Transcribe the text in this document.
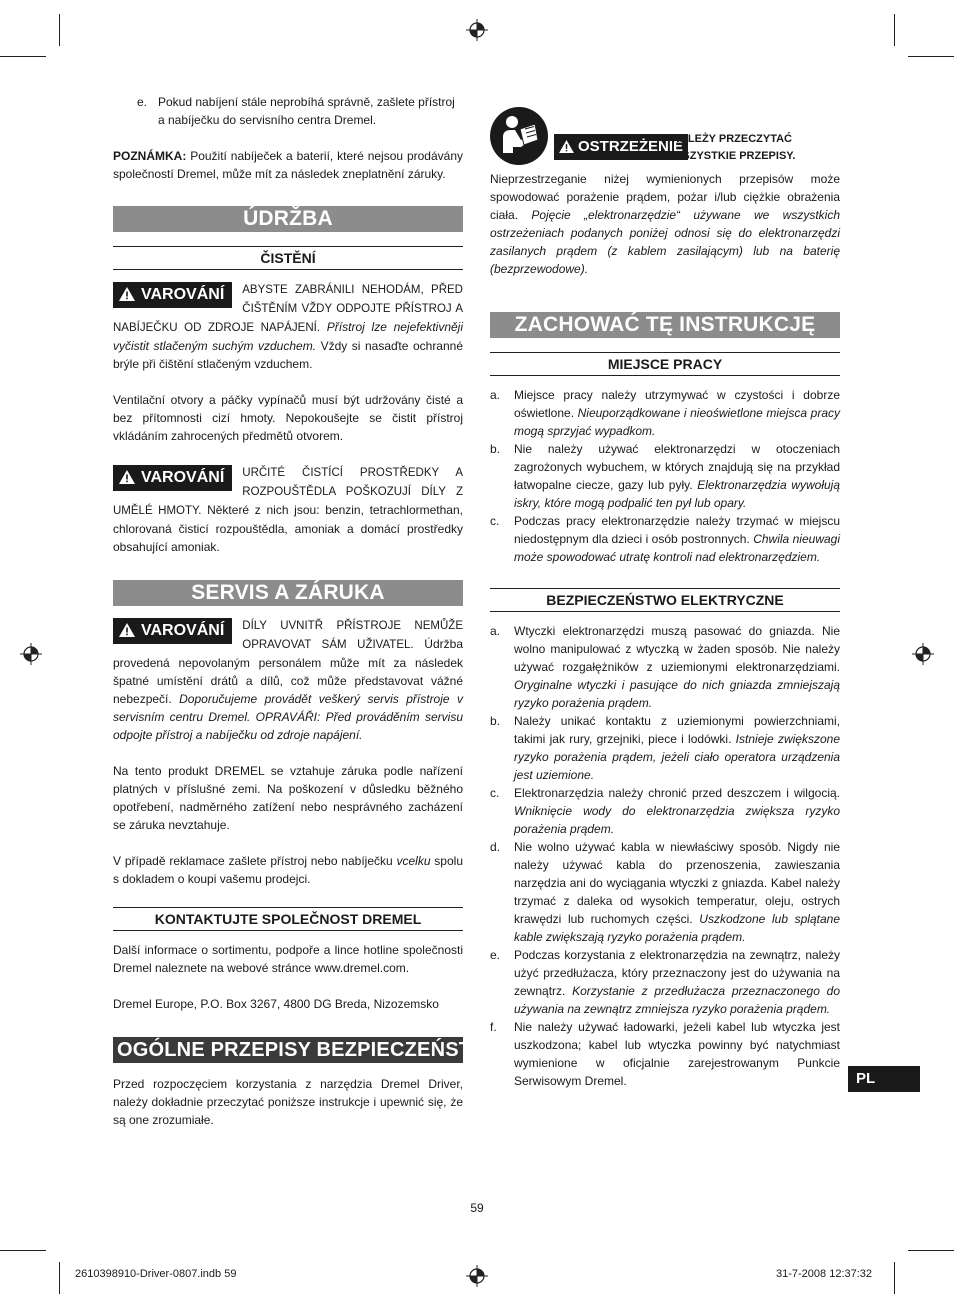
e. Pokud nabíjení stále neprobíhá správně, zašlete přístroj a nabíječku do servisního centra Dremel.

POZNÁMKA: Použití nabíječek a baterií, které nejsou prodávány společností Dremel, může mít za následek zneplatnění záruky.

ÚDRŽBA
ČISTĚNÍ
VAROVÁNÍ	ABYSTE ZABRÁNILI NEHODÁM, PŘED ČIŠTĚNÍM VŽDY ODPOJTE PŘÍSTROJ A NABÍJEČKU OD ZDROJE NAPÁJENÍ. Přístroj lze nejefektivněji vyčistit stlačeným suchým vzduchem. Vždy si nasaďte ochranné brýle při čištění stlačeným vzduchem.

Ventilační otvory a páčky vypínačů musí být udržovány čisté a bez přítomnosti cizí hmoty. Nepokoušejte se čistit přístroj vkládáním zahrocených předmětů otvorem.

VAROVÁNÍ	URČITÉ ČISTÍCÍ PROSTŘEDKY A ROZPOUŠTĚDLA POŠKOZUJÍ DÍLY Z UMĚLÉ HMOTY. Některé z nich jsou: benzin, tetrachlormethan, chlorovaná čisticí rozpouštědla, amoniak a domácí prostředky obsahující amoniak.
SERVIS A ZÁRUKA
VAROVÁNÍ	DÍLY UVNITŘ PŘÍSTROJE NEMŮŽE OPRAVOVAT SÁM UŽIVATEL. Údržba provedená nepovolaným personálem může mít za následek špatné umístění drátů a dílů, což může představovat vážné nebezpečí. Doporučujeme provádět veškerý servis přístroje v servisním centru Dremel. OPRAVÁŘI: Před prováděním servisu odpojte přístroj a nabíječku od zdroje napájení.

Na tento produkt DREMEL se vztahuje záruka podle nařízení platných v příslušné zemi. Na poškození v důsledku běžného opotřebení, nadměrného zatížení nebo nesprávného zacházení se záruka nevztahuje.

V případě reklamace zašlete přístroj nebo nabíječku vcelku spolu s dokladem o koupi vašemu prodejci.

KONTAKTUJTE SPOLEČNOST DREMEL

Další informace o sortimentu, podpoře a lince hotline společnosti Dremel naleznete na webové stránce www.dremel.com.

Dremel Europe, P.O. Box 3267, 4800 DG Breda, Nizozemsko

OGÓLNE PRZEPISY BEZPIECZEŃSTWA

Przed rozpoczęciem korzystania z narzędzia Dremel Driver, należy dokładnie przeczytać poniższe instrukcje i upewnić się, że są one zrozumiałe.

OSTRZEŻENIE
NALEŻY PRZECZYTAĆ WSZYSTKIE PRZEPISY.

Nieprzestrzeganie niżej wymienionych przepisów może spowodować porażenie prądem, pożar i/lub ciężkie obrażenia ciała. Pojęcie „elektronarzędzie“ używane we wszystkich ostrzeżeniach podanych poniżej odnosi się do elektronarzędzi zasilanych prądem (z kablem zasilającym) lub na baterię (bezprzewodowe).

ZACHOWAĆ TĘ INSTRUKCJĘ
MIEJSCE PRACY
a. Miejsce pracy należy utrzymywać w czystości i dobrze oświetlone. Nieuporządkowane i nieoświetlone miejsca pracy mogą sprzyjać wypadkom.
b. Nie należy używać elektronarzędzi w otoczeniach zagrożonych wybuchem, w których znajdują się na przykład łatwopalne ciecze, gazy lub pyły. Elektronarzędzia wywołują iskry, które mogą podpalić ten pył lub opary.
c. Podczas pracy elektronarzędzie należy trzymać w miejscu niedostępnym dla dzieci i osób postronnych. Chwila nieuwagi może spowodować utratę kontroli nad elektronarzędziem.
BEZPIECZEŃSTWO ELEKTRYCZNE
a. Wtyczki elektronarzędzi muszą pasować do gniazda. Nie wolno manipulować z wtyczką w żaden sposób. Nie należy używać rozgałężników z uziemionymi elektronarzędziami. Oryginalne wtyczki i pasujące do nich gniazda zmniejszają ryzyko porażenia prądem.
b. Należy unikać kontaktu z uziemionymi powierzchniami, takimi jak rury, grzejniki, piece i lodówki. Istnieje zwiększone ryzyko porażenia prądem, jeżeli ciało operatora urządzenia jest uziemione.
c. Elektronarzędzia należy chronić przed deszczem i wilgocią. Wniknięcie wody do elektronarzędzia zwiększa ryzyko porażenia prądem.
d. Nie wolno używać kabla w niewłaściwy sposób. Nigdy nie należy używać kabla do przenoszenia, zawieszania narzędzia ani do wyciągania wtyczki z gniazda. Kabel należy trzymać z daleka od wysokich temperatur, oleju, ostrych krawędzi lub ruchomych części. Uszkodzone lub splątane kable zwiększają ryzyko porażenia prądem.
e. Podczas korzystania z elektronarzędzia na zewnątrz, należy użyć przedłużacza, który przeznaczony jest do używania na zewnątrz. Korzystanie z przedłużacza przeznaczonego do używania na zewnątrz zmniejsza ryzyko porażenia prądem.
f. Nie należy używać ładowarki, jeżeli kabel lub wtyczka jest uszkodzona; kabel lub wtyczka powinny być natychmiast wymienione w oficjalnie zarejestrowanym Punkcie Serwisowym Dremel.	PL
59
2610398910-Driver-0807.indb 59	31-7-2008 12:37:32
